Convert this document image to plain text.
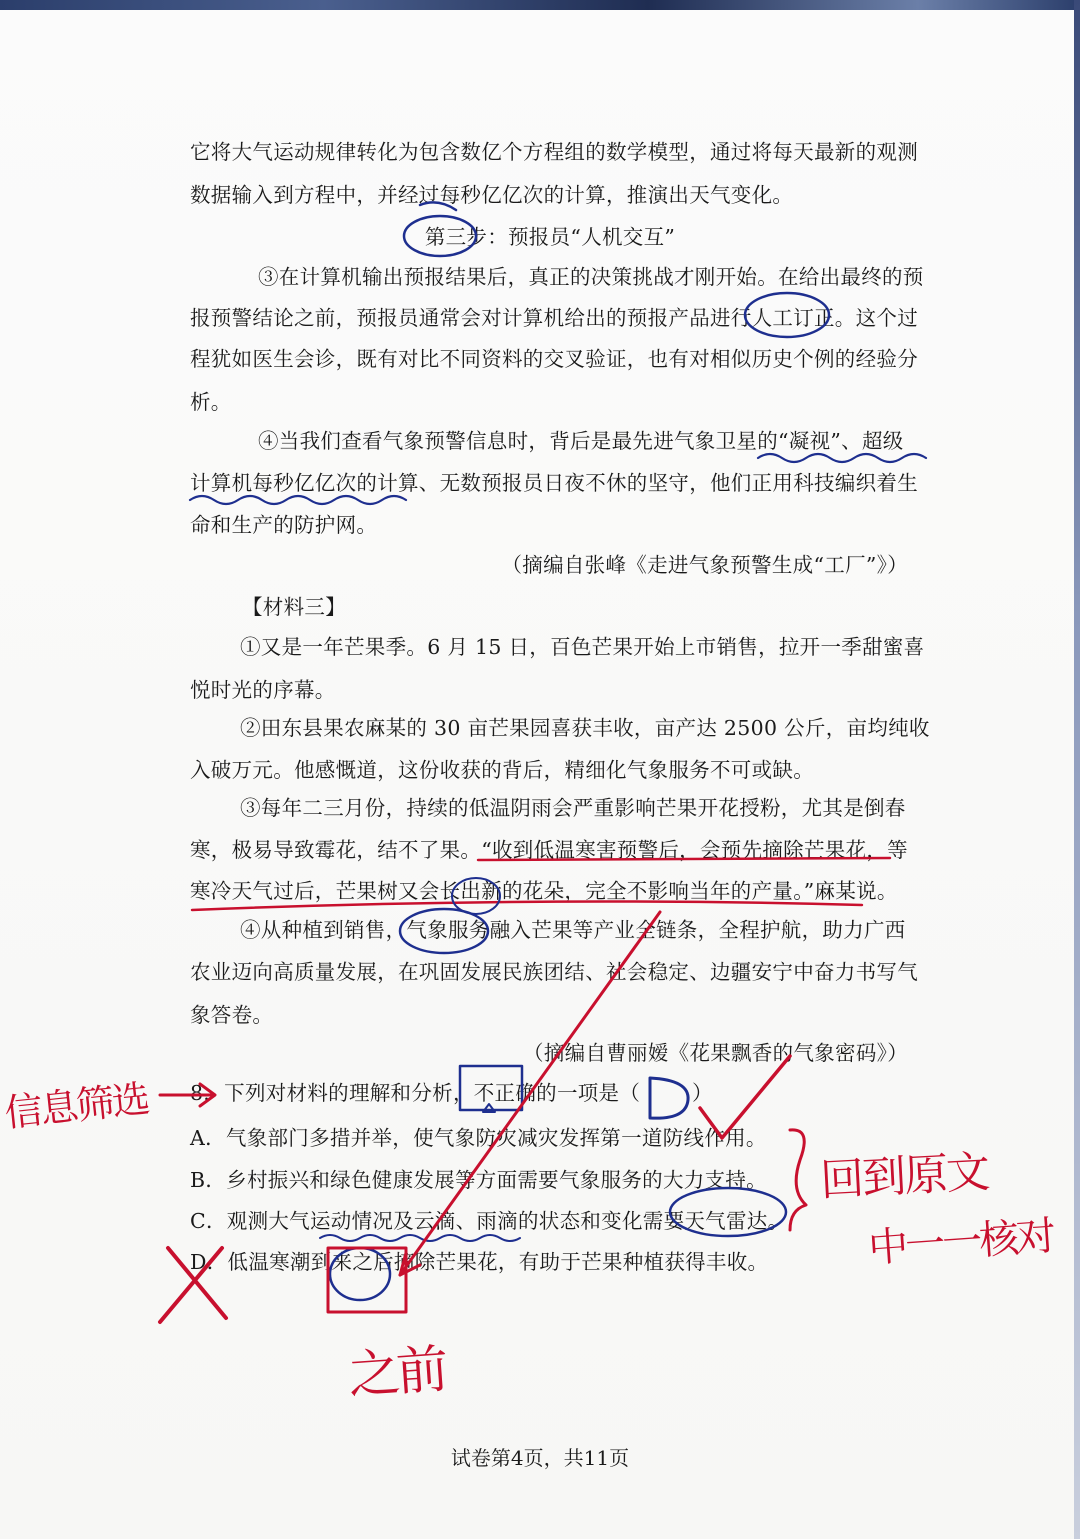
它将大气运动规律转化为包含数亿个方程组的数学模型，通过将每天最新的观测
数据输入到方程中，并经过每秒亿亿次的计算，推演出天气变化。
第三步：预报员“人机交互”
③在计算机输出预报结果后，真正的决策挑战才刚开始。在给出最终的预
报预警结论之前，预报员通常会对计算机给出的预报产品进行人工订正。这个过
程犹如医生会诊，既有对比不同资料的交叉验证，也有对相似历史个例的经验分
析。
④当我们查看气象预警信息时，背后是最先进气象卫星的“凝视”、超级
计算机每秒亿亿次的计算、无数预报员日夜不休的坚守，他们正用科技编织着生
命和生产的防护网。
（摘编自张峰《走进气象预警生成“工厂”》）
【材料三】
①又是一年芒果季。6 月 15 日，百色芒果开始上市销售，拉开一季甜蜜喜
悦时光的序幕。
②田东县果农麻某的 30 亩芒果园喜获丰收，亩产达 2500 公斤，亩均纯收
入破万元。他感慨道，这份收获的背后，精细化气象服务不可或缺。
③每年二三月份，持续的低温阴雨会严重影响芒果开花授粉，尤其是倒春
寒，极易导致霉花，结不了果。“收到低温寒害预警后，会预先摘除芒果花，等
寒冷天气过后，芒果树又会长出新的花朵，完全不影响当年的产量。”麻某说。
④从种植到销售，气象服务融入芒果等产业全链条，全程护航，助力广西
农业迈向高质量发展，在巩固发展民族团结、社会稳定、边疆安宁中奋力书写气
象答卷。
（摘编自曹丽嫒《花果飘香的气象密码》）
8．下列对材料的理解和分析，不正确的一项是（	）
A．气象部门多措并举，使气象防灾减灾发挥第一道防线作用。
B．乡村振兴和绿色健康发展等方面需要气象服务的大力支持。
C．观测大气运动情况及云滴、雨滴的状态和变化需要天气雷达。
D．低温寒潮到来之后摘除芒果花，有助于芒果种植获得丰收。
试卷第4页，共11页
信息筛选
回到原文
中一一核对
之前
